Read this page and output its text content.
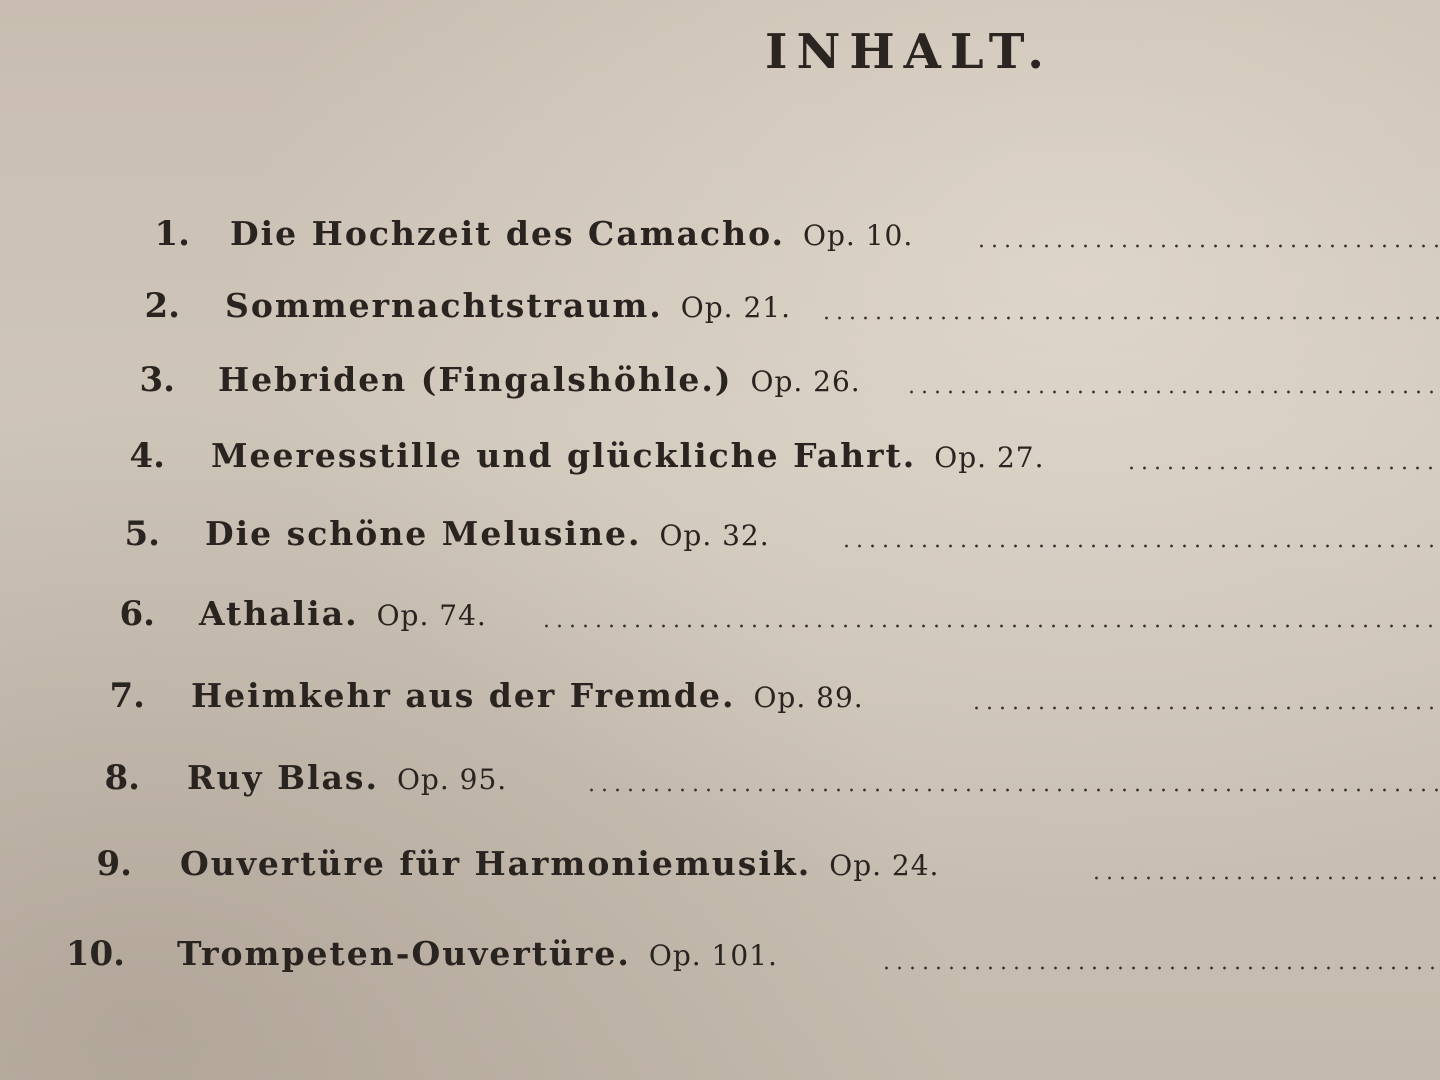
INHALT.
1. Die Hochzeit des Camacho. Op. 10.
2. Sommernachtstraum. Op. 21.
3. Hebriden (Fingalshöhle.) Op. 26.
4. Meeresstille und glückliche Fahrt. Op. 27.
5. Die schöne Melusine. Op. 32.
6. Athalia. Op. 74.
7. Heimkehr aus der Fremde. Op. 89.
8. Ruy Blas. Op. 95.
9. Ouvertüre für Harmoniemusik. Op. 24.
10. Trompeten-Ouvertüre. Op. 101.
